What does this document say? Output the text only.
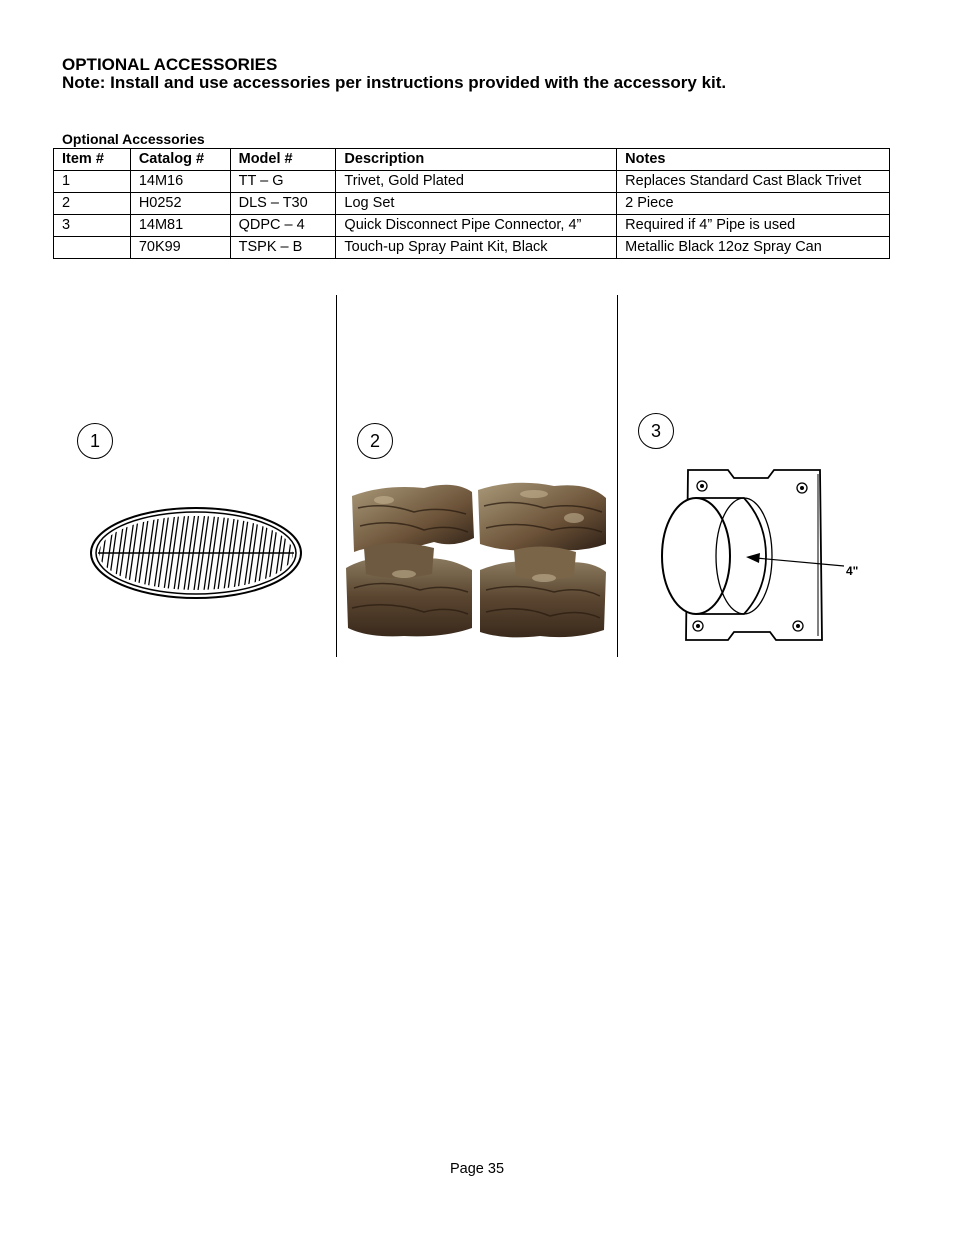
OPTIONAL ACCESSORIES
Note: Install and use accessories per instructions provided with the accessory kit.
Optional Accessories
Item #	Catalog #	Model #	Description	Notes
1	14M16	TT – G	Trivet, Gold Plated	Replaces Standard Cast Black Trivet
2	H0252	DLS – T30	Log Set	2 Piece
3	14M81	QDPC – 4	Quick Disconnect Pipe Connector, 4”	Required if 4” Pipe is used
	70K99	TSPK – B	Touch-up Spray Paint Kit, Black	Metallic Black 12oz Spray Can
1	2	3
4"
Page 35
